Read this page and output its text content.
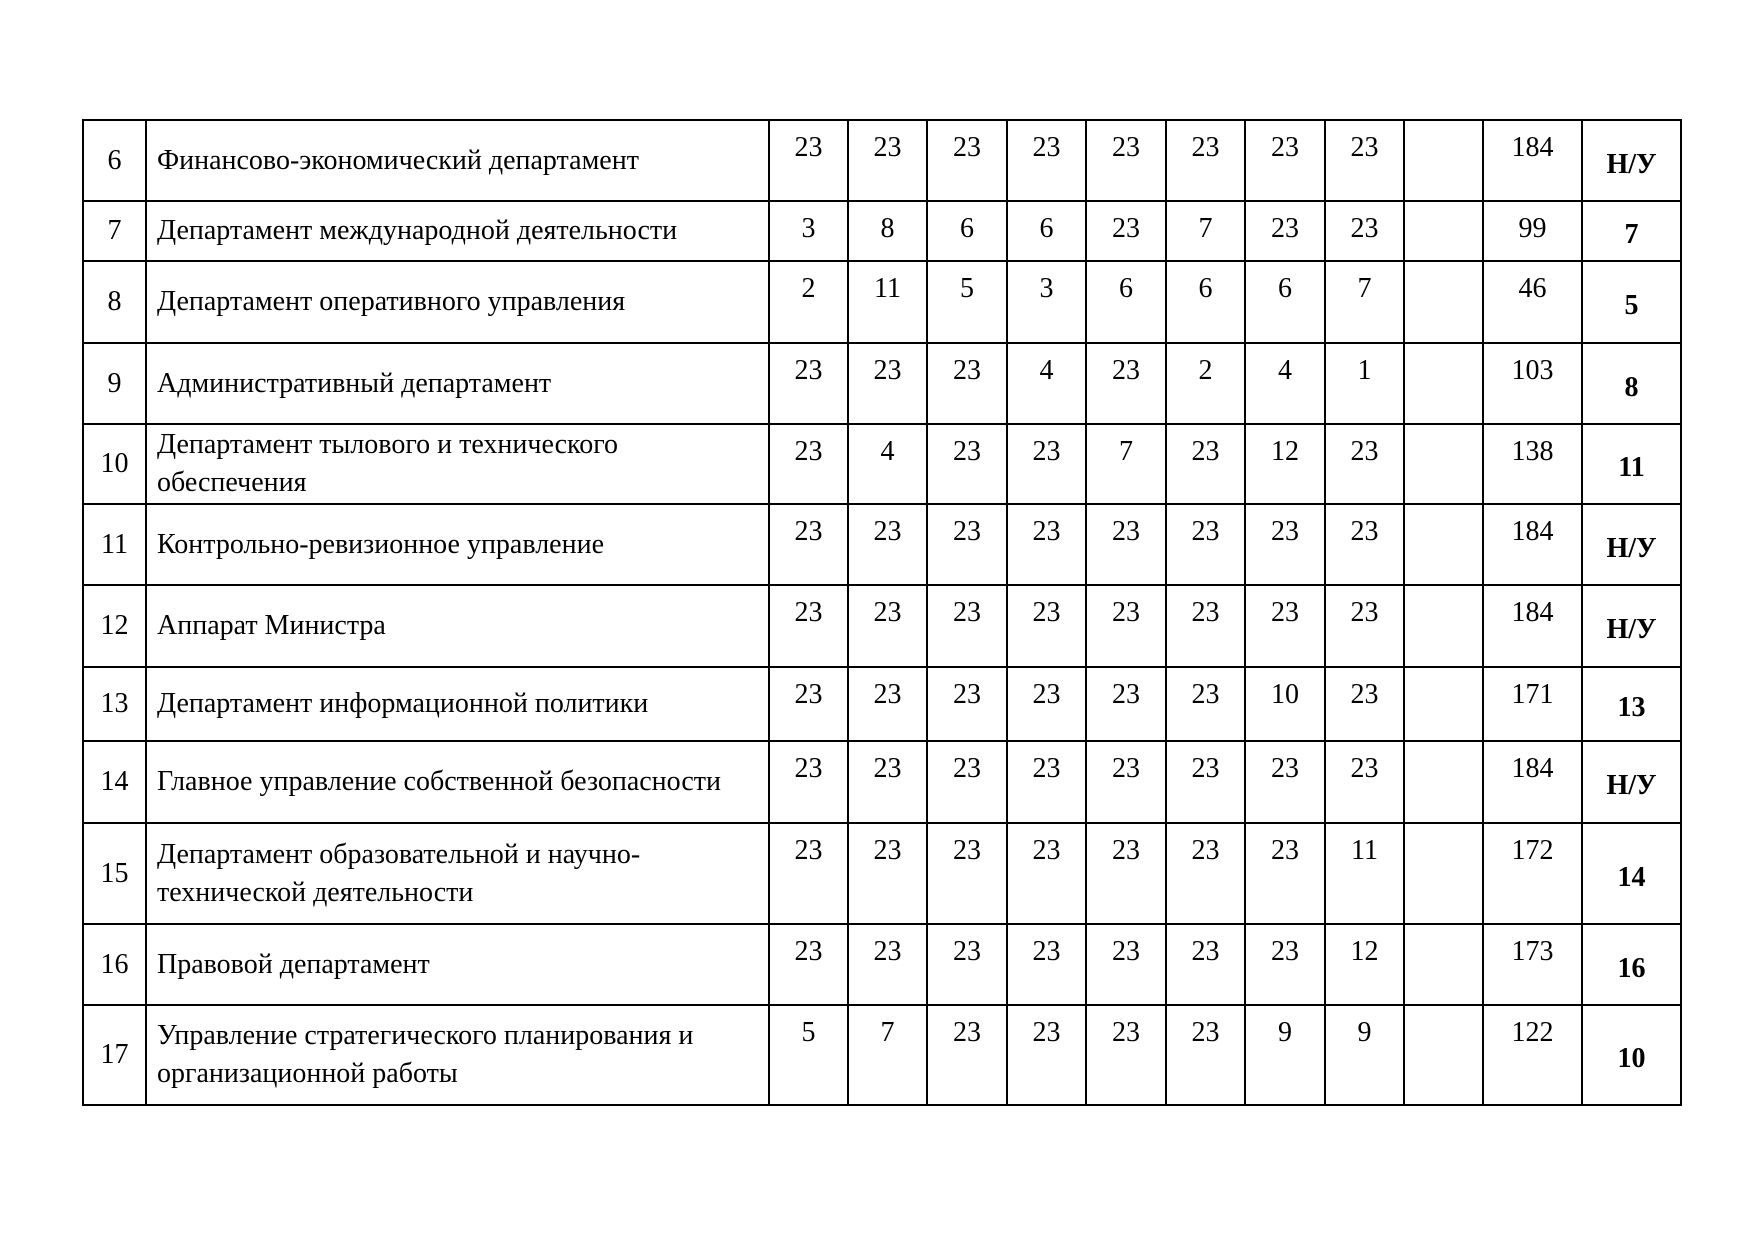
6	Финансово-экономический департамент	23	23	23	23	23	23	23	23		184	Н/У
7	Департамент международной деятельности	3	8	6	6	23	7	23	23		99	7
8	Департамент оперативного управления	2	11	5	3	6	6	6	7		46	5
9	Административный департамент	23	23	23	4	23	2	4	1		103	8
10	Департамент тылового и технического обеспечения	23	4	23	23	7	23	12	23		138	11
11	Контрольно-ревизионное управление	23	23	23	23	23	23	23	23		184	Н/У
12	Аппарат Министра	23	23	23	23	23	23	23	23		184	Н/У
13	Департамент информационной политики	23	23	23	23	23	23	10	23		171	13
14	Главное управление собственной безопасности	23	23	23	23	23	23	23	23		184	Н/У
15	Департамент образовательной и научно-технической деятельности	23	23	23	23	23	23	23	11		172	14
16	Правовой департамент	23	23	23	23	23	23	23	12		173	16
17	Управление стратегического планирования и организационной работы	5	7	23	23	23	23	9	9		122	10
